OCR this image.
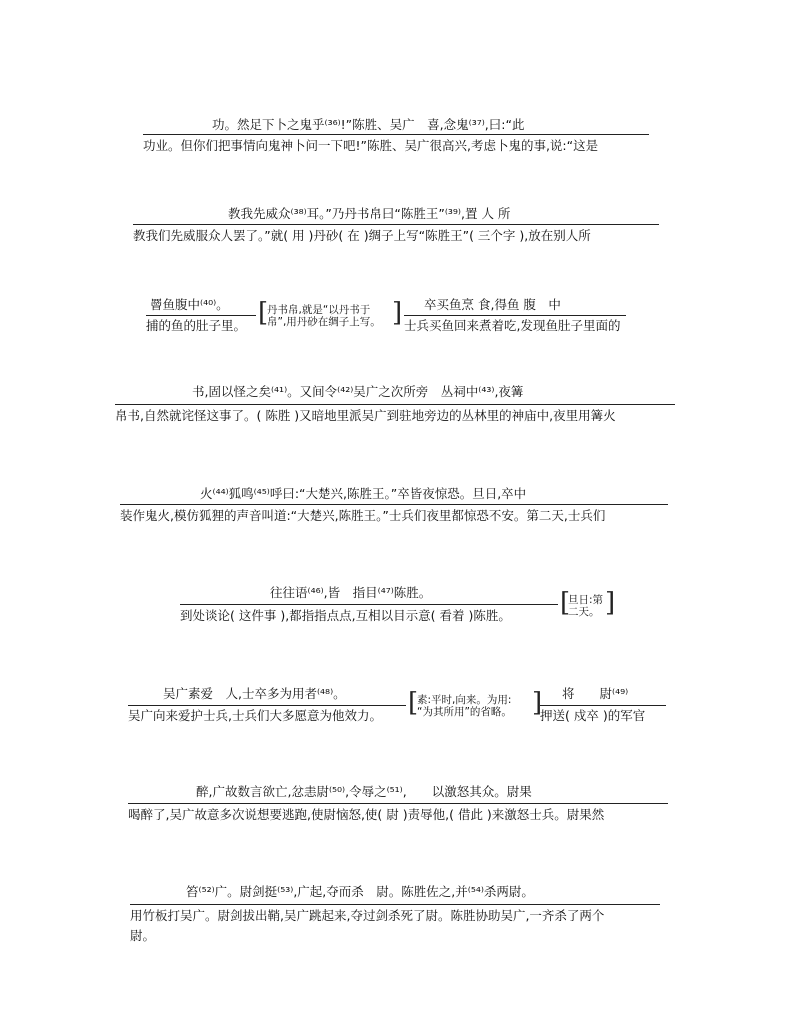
功。然足下卜之鬼乎⁽³⁶⁾!”陈胜、吴广　喜,念鬼⁽³⁷⁾,曰:“此
功业。但你们把事情向鬼神卜问一下吧!”陈胜、吴广很高兴,考虑卜鬼的事,说:“这是
教我先威众⁽³⁸⁾耳。”乃丹书帛曰“陈胜王”⁽³⁹⁾,置 人 所
教我们先威服众人罢了。”就( 用 )丹砂( 在 )绸子上写“陈胜王”( 三个字 ),放在别人所
罾鱼腹中⁽⁴⁰⁾。
捕的鱼的肚子里。 [
丹书帛,就是“以丹书于
帛”,用丹砂在绸子上写。 ] 卒买鱼烹 食,得鱼 腹　中
士兵买鱼回来煮着吃,发现鱼肚子里面的
书,固以怪之矣⁽⁴¹⁾。又间令⁽⁴²⁾吴广之次所旁　丛祠中⁽⁴³⁾,夜篝
帛书,自然就诧怪这事了。( 陈胜 )又暗地里派吴广到驻地旁边的丛林里的神庙中,夜里用篝火
火⁽⁴⁴⁾狐鸣⁽⁴⁵⁾呼曰:“大楚兴,陈胜王。”卒皆夜惊恐。旦日,卒中
装作鬼火,模仿狐狸的声音叫道:“大楚兴,陈胜王。”士兵们夜里都惊恐不安。第二天,士兵们
往往语⁽⁴⁶⁾,皆　指目⁽⁴⁷⁾陈胜。
到处谈论( 这件事 ),都指指点点,互相以目示意( 看着 )陈胜。 [
旦日:第
二天。 ]
吴广素爱　人,士卒多为用者⁽⁴⁸⁾。
吴广向来爱护士兵,士兵们大多愿意为他效力。 [
素:平时,向来。为用:
“为其所用”的省略。 ] 将　　尉⁽⁴⁹⁾
押送( 戍卒 )的军官
醉,广故数言欲亡,忿恚尉⁽⁵⁰⁾,令辱之⁽⁵¹⁾,　　以激怒其众。尉果
喝醉了,吴广故意多次说想要逃跑,使尉恼怒,使( 尉 )责辱他,( 借此 )来激怒士兵。尉果然
笞⁽⁵²⁾广。尉剑挺⁽⁵³⁾,广起,夺而杀　尉。陈胜佐之,并⁽⁵⁴⁾杀两尉。
用竹板打吴广。尉剑拔出鞘,吴广跳起来,夺过剑杀死了尉。陈胜协助吴广,一齐杀了两个
尉。
